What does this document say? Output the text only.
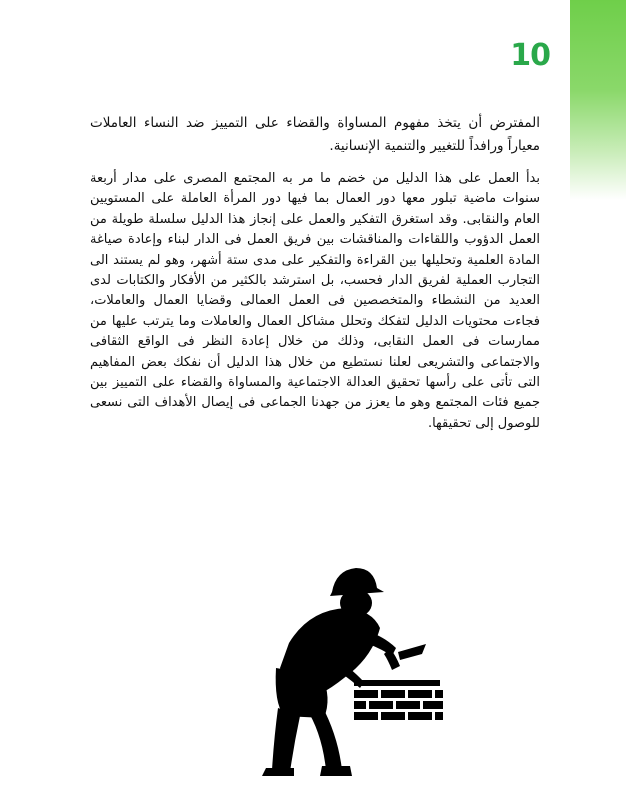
10

المفترض أن يتخذ مفهوم المساواة والقضاء على التمييز ضد النساء العاملات معياراً ورافداً للتغيير والتنمية الإنسانية.

بدأ العمل على هذا الدليل من خضم ما مر به المجتمع المصرى على مدار أربعة سنوات ماضية تبلور معها دور العمال بما فيها دور المرأة العاملة على المستويين العام والنقابى. وقد استغرق التفكير والعمل على إنجاز هذا الدليل سلسلة طويلة من العمل الدؤوب واللقاءات والمناقشات بين فريق العمل فى الدار لبناء وإعادة صياغة المادة العلمية وتحليلها بين القراءة والتفكير على مدى ستة أشهر، وهو لم يستند الى التجارب العملية لفريق الدار فحسب، بل استرشد بالكثير من الأفكار والكتابات لدى العديد من النشطاء والمتخصصين فى العمل العمالى وقضايا العمال والعاملات، فجاءت محتويات الدليل لتفكك وتحلل مشاكل العمال والعاملات وما يترتب عليها من ممارسات فى العمل النقابى، وذلك من خلال إعادة النظر فى الواقع الثقافى والاجتماعى والتشريعى لعلنا نستطيع من خلال هذا الدليل أن نفكك بعض المفاهيم التى تأتى على رأسها تحقيق العدالة الاجتماعية والمساواة والقضاء على التمييز بين جميع فئات المجتمع وهو ما يعزز من جهدنا الجماعى فى إيصال الأهداف التى نسعى للوصول إلى تحقيقها.
